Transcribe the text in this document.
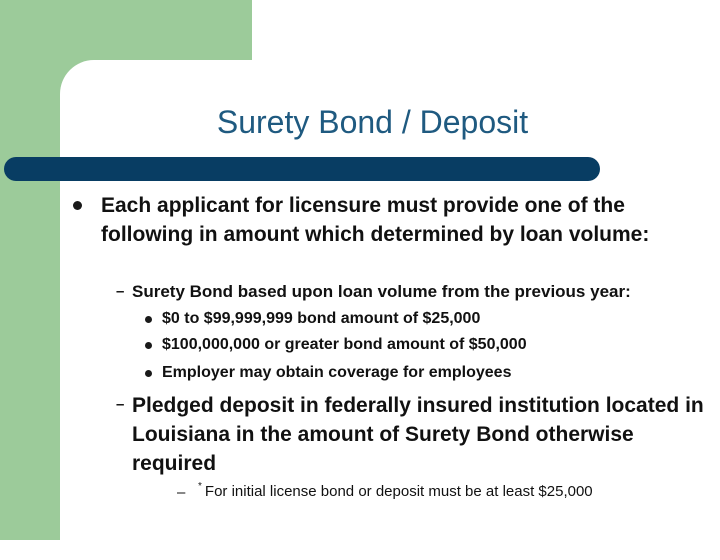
Surety Bond / Deposit
Each applicant for licensure must provide one of the following in amount which determined by loan volume:
– Surety Bond based upon loan volume from the previous year:
$0 to $99,999,999 bond amount of $25,000
$100,000,000 or greater bond amount of $50,000
Employer may obtain coverage for employees
– Pledged deposit in federally insured institution located in Louisiana in the amount of Surety Bond otherwise required
– * For initial license bond or deposit must be at least $25,000
